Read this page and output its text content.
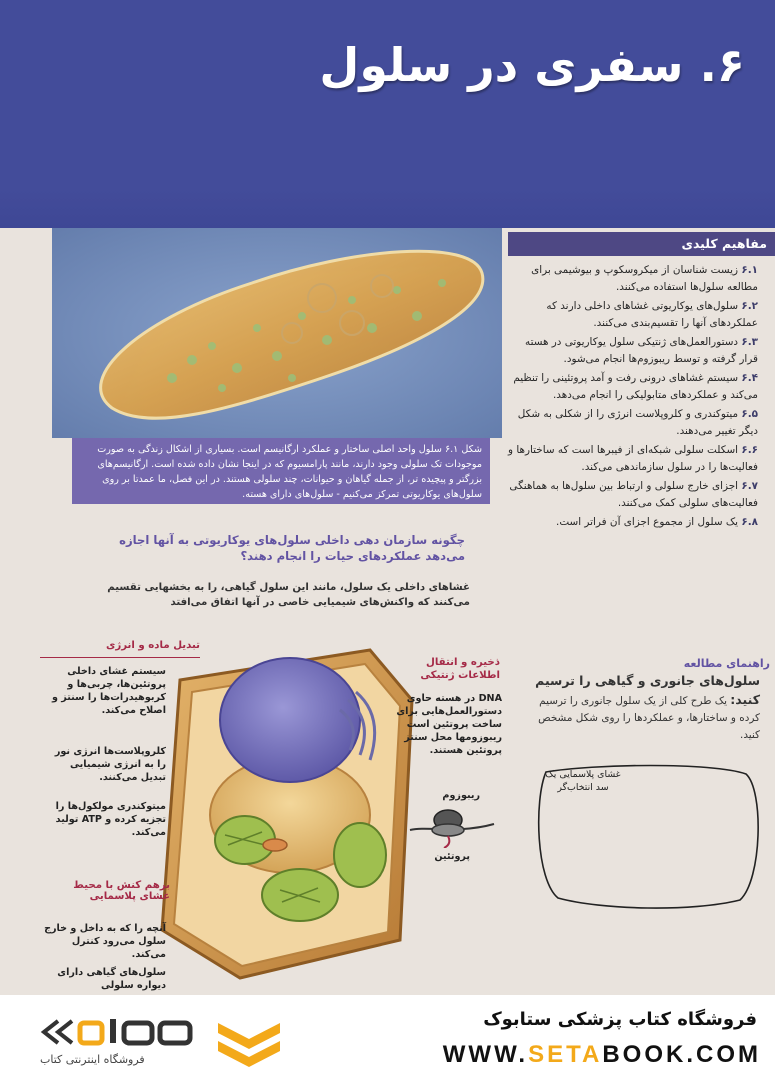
۶. سفری در سلول
شکل ۶.۱ سلول واحد اصلی ساختار و عملکرد ارگانیسم است. بسیاری از اشکال زندگی به صورت موجودات تک سلولی وجود دارند، مانند پارامسیوم که در اینجا نشان داده شده است. ارگانیسم‌های بزرگتر و پیچیده تر، از جمله گیاهان و حیوانات، چند سلولی هستند. در این فصل، ما عمدتا بر روی سلول‌های یوکاریوتی تمرکز می‌کنیم - سلول‌های دارای هسته.
مفاهیم کلیدی
۶.۱ زیست شناسان از میکروسکوپ و بیوشیمی برای مطالعه سلول‌ها استفاده می‌کنند.
۶.۲ سلول‌های یوکاریوتی غشاهای داخلی دارند که عملکردهای آنها را تقسیم‌بندی می‌کنند.
۶.۳ دستورالعمل‌های ژنتیکی سلول یوکاریوتی در هسته قرار گرفته و توسط ریبوزوم‌ها انجام می‌شود.
۶.۴ سیستم غشاهای درونی رفت و آمد پروتئینی را تنظیم می‌کند و عملکردهای متابولیکی را انجام می‌دهد.
۶.۵ میتوکندری و کلروپلاست انرژی را از شکلی به شکل دیگر تغییر می‌دهند.
۶.۶ اسکلت سلولی شبکه‌ای از فیبرها است که ساختارها و فعالیت‌ها را در سلول سازماندهی می‌کند.
۶.۷ اجزای خارج سلولی و ارتباط بین سلول‌ها به هماهنگی فعالیت‌های سلولی کمک می‌کنند.
۶.۸ یک سلول از مجموع اجزای آن فراتر است.
چگونه سازمان دهی داخلی سلول‌های یوکاریوتی به آنها اجازه می‌دهد عملکردهای حیات را انجام دهند؟
غشاهای داخلی یک سلول، مانند این سلول گیاهی، را به بخشهایی تقسیم می‌کنند که واکنش‌های شیمیایی خاصی در آنها اتفاق می‌افتد
تبدیل ماده و انرژی
سیستم غشای داخلی پروتئین‌ها، چربی‌ها و کربوهیدرات‌ها را سنتز و اصلاح می‌کند.
کلروپلاست‌ها انرژی نور را به انرژی شیمیایی تبدیل می‌کنند.
میتوکندری مولکول‌ها را تجزیه کرده و ATP تولید می‌کند.
برهم کنش با محیط غشای پلاسمایی
آنچه را که به داخل و خارج سلول می‌رود کنترل می‌کند.
سلول‌های گیاهی دارای دیواره سلولی
ذخیره و انتقال اطلاعات ژنتیکی
DNA در هسته حاوی دستورالعمل‌هایی برای ساخت پروتئین است ریبوزومها محل سنتز پروتئین هستند.
ریبوزوم
پروتئین
راهنمای مطالعه
سلول‌های جانوری و گیاهی را ترسیم کنید: یک طرح کلی از یک سلول جانوری را ترسیم کرده و ساختارها، و عملکردها را روی شکل مشخص کنید.
غشای پلاسمایی یک سد انتخاب‌گر
فروشگاه کتاب پزشکی ستابوک
WWW.SETABOOK.COM
فروشگاه اینترنتی کتاب
